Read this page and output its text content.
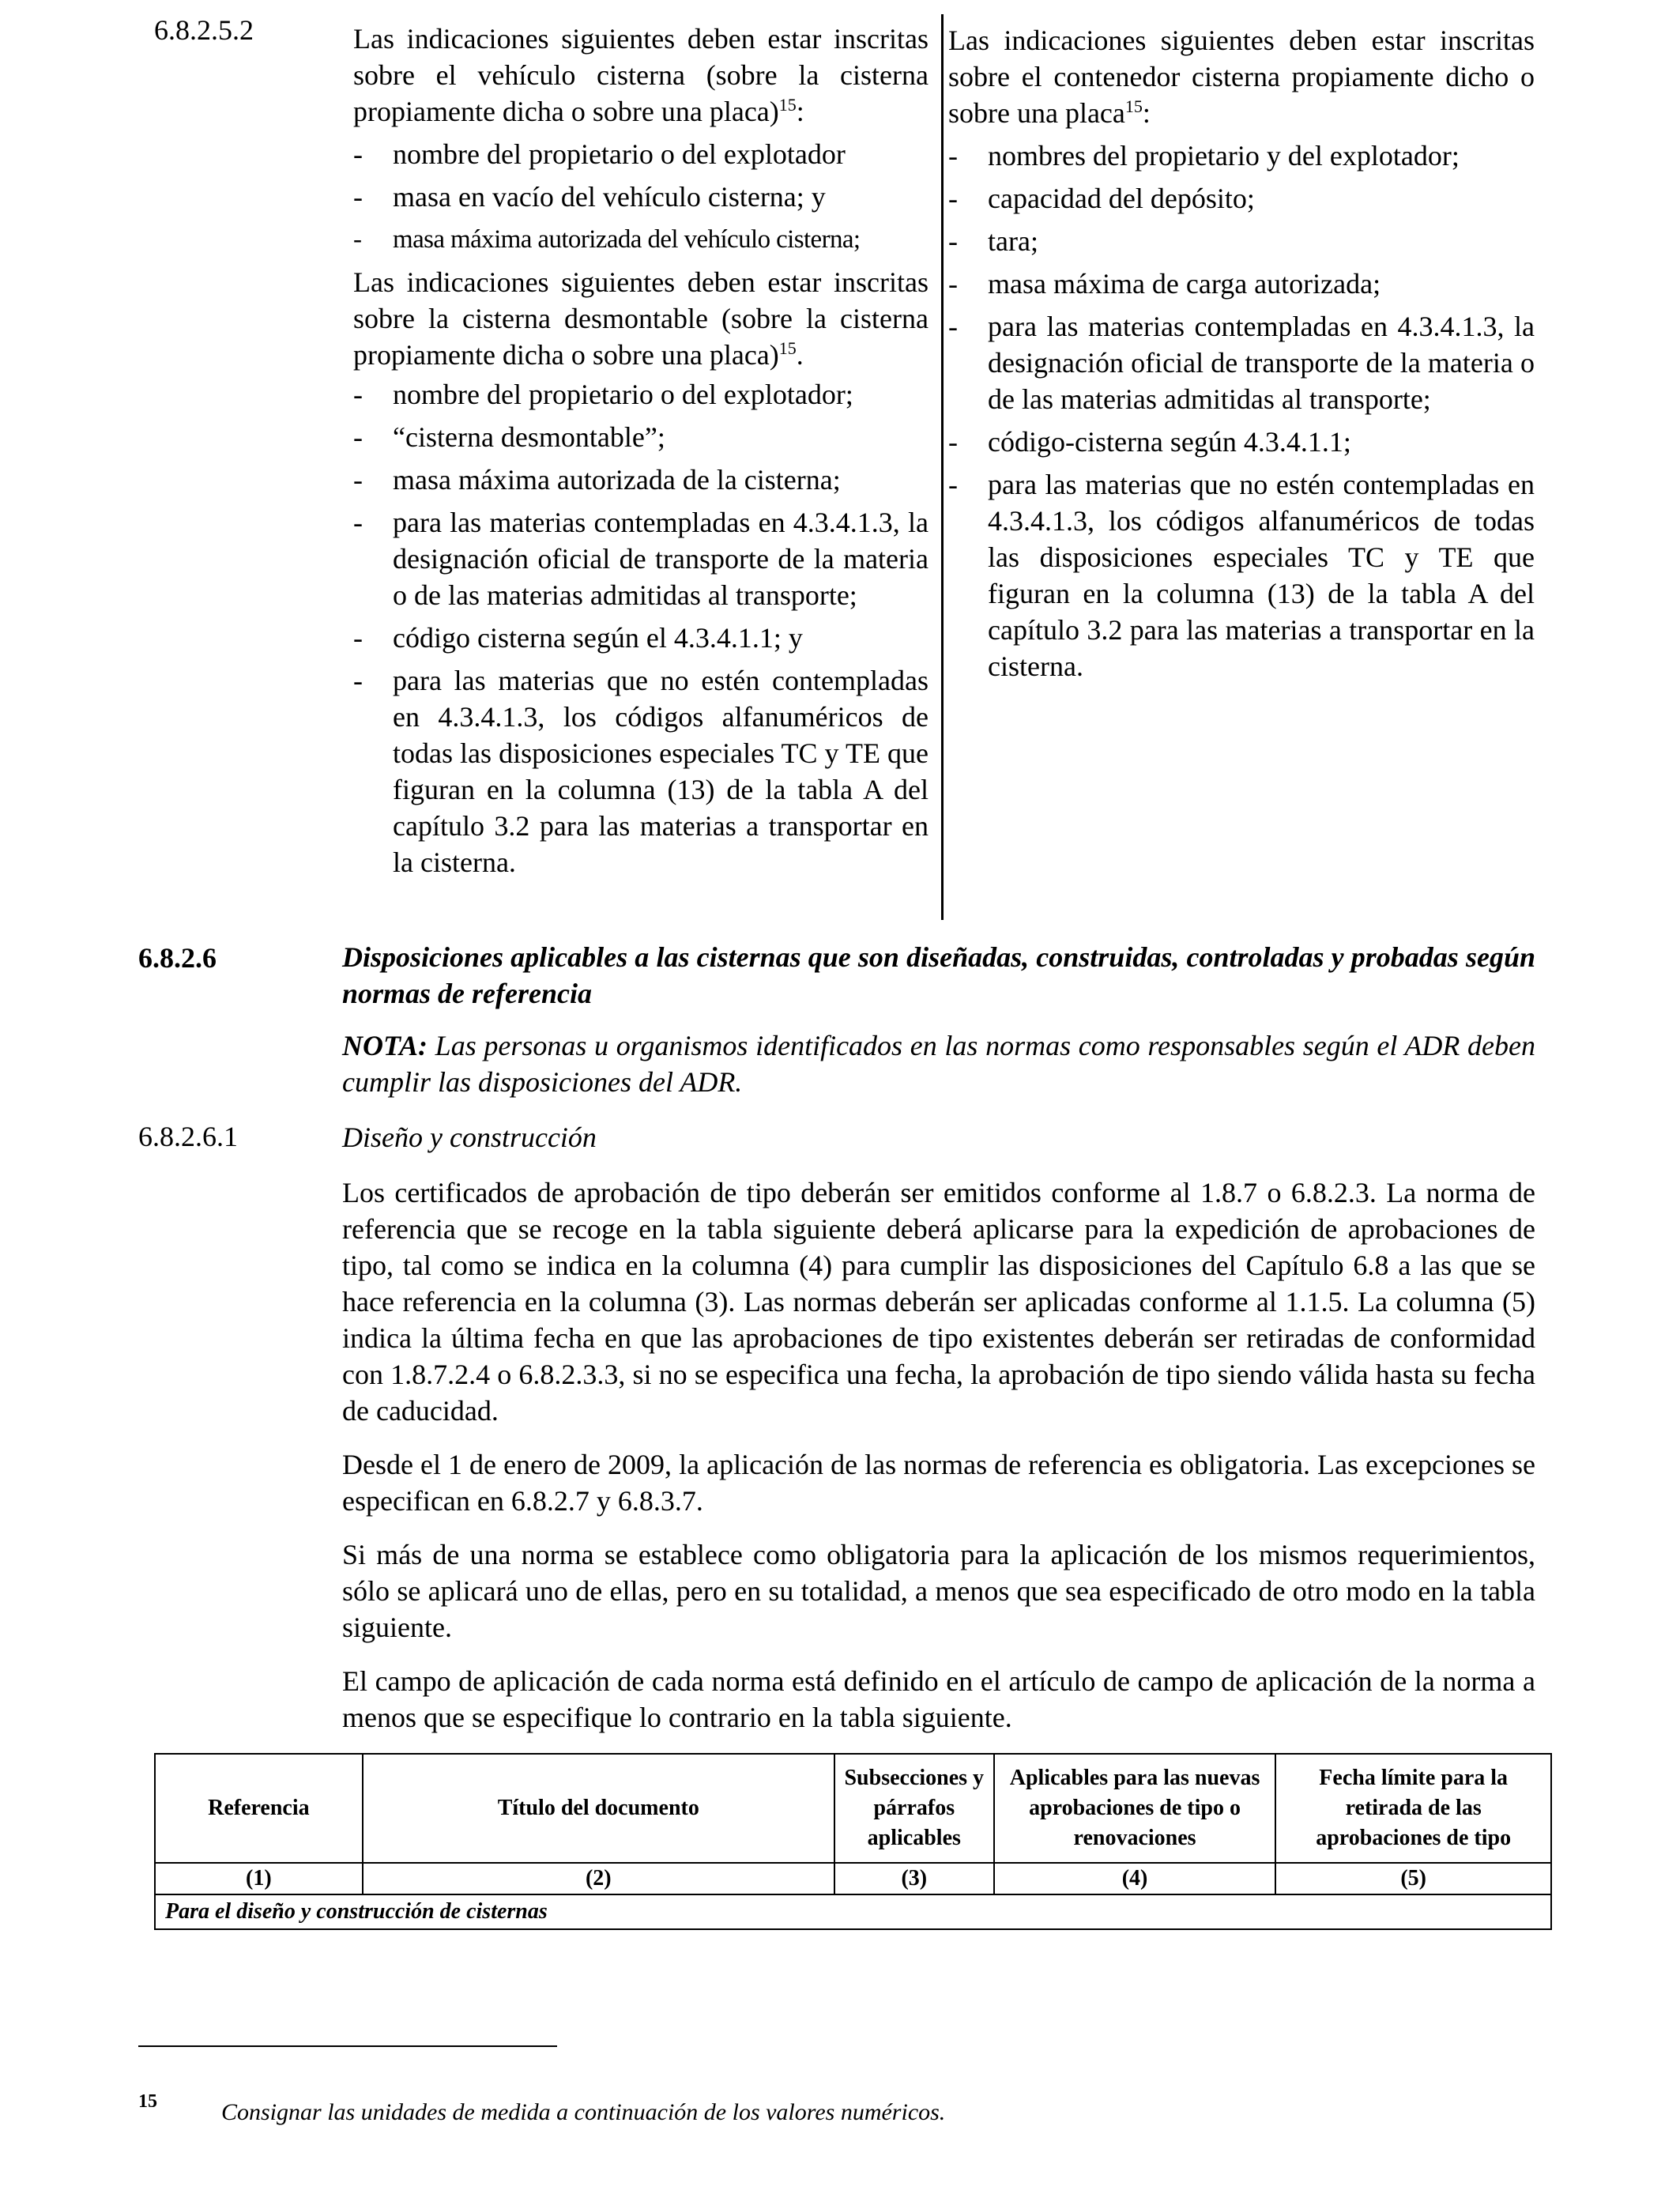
6.8.2.5.2	Las indicaciones siguientes deben estar inscritas sobre el vehículo cisterna (sobre la cisterna propiamente dicha o sobre una placa)$^{15}$:

- nombre del propietario o del explotador
- masa en vacío del vehículo cisterna; y
- masa máxima autorizada del vehículo cisterna;

Las indicaciones siguientes deben estar inscritas sobre la cisterna desmontable (sobre la cisterna propiamente dicha o sobre una placa)$^{15}$.

- nombre del propietario o del explotador;
- “cisterna desmontable”;
- masa máxima autorizada de la cisterna;
- para las materias contempladas en 4.3.4.1.3, la designación oficial de transporte de la materia o de las materias admitidas al transporte;
- código cisterna según el 4.3.4.1.1; y
- para las materias que no estén contempladas en 4.3.4.1.3, los códigos alfanuméricos de todas las disposiciones especiales TC y TE que figuran en la columna (13) de la tabla A del capítulo 3.2 para las materias a transportar en la cisterna.

Las indicaciones siguientes deben estar inscritas sobre el contenedor cisterna propiamente dicho o sobre una placa$^{15}$:

- nombres del propietario y del explotador;
- capacidad del depósito;
- tara;
- masa máxima de carga autorizada;
- para las materias contempladas en 4.3.4.1.3, la designación oficial de transporte de la materia o de las materias admitidas al transporte;
- código-cisterna según 4.3.4.1.1;
- para las materias que no estén contempladas en 4.3.4.1.3, los códigos alfanuméricos de todas las disposiciones especiales TC y TE que figuran en la columna (13) de la tabla A del capítulo 3.2 para las materias a transportar en la cisterna.
6.8.2.6	Disposiciones aplicables a las cisternas que son diseñadas, construidas, controladas y probadas según normas de referencia
NOTA: Las personas u organismos identificados en las normas como responsables según el ADR deben cumplir las disposiciones del ADR.
6.8.2.6.1	Diseño y construcción

Los certificados de aprobación de tipo deberán ser emitidos conforme al 1.8.7 o 6.8.2.3. La norma de referencia que se recoge en la tabla siguiente deberá aplicarse para la expedición de aprobaciones de tipo, tal como se indica en la columna (4) para cumplir las disposiciones del Capítulo 6.8 a las que se hace referencia en la columna (3). Las normas deberán ser aplicadas conforme al 1.1.5. La columna (5) indica la última fecha en que las aprobaciones de tipo existentes deberán ser retiradas de conformidad con 1.8.7.2.4 o 6.8.2.3.3, si no se especifica una fecha, la aprobación de tipo siendo válida hasta su fecha de caducidad.

Desde el 1 de enero de 2009, la aplicación de las normas de referencia es obligatoria. Las excepciones se especifican en 6.8.2.7 y 6.8.3.7.

Si más de una norma se establece como obligatoria para la aplicación de los mismos requerimientos, sólo se aplicará uno de ellas, pero en su totalidad, a menos que sea especificado de otro modo en la tabla siguiente.

El campo de aplicación de cada norma está definido en el artículo de campo de aplicación de la norma a menos que se especifique lo contrario en la tabla siguiente.

Referencia	Título del documento	Subsecciones y párrafos aplicables	Aplicables para las nuevas aprobaciones de tipo o renovaciones	Fecha límite para la retirada de las aprobaciones de tipo
(1)	(2)	(3)	(4)	(5)
Para el diseño y construcción de cisternas				
15	Consignar las unidades de medida a continuación de los valores numéricos.
